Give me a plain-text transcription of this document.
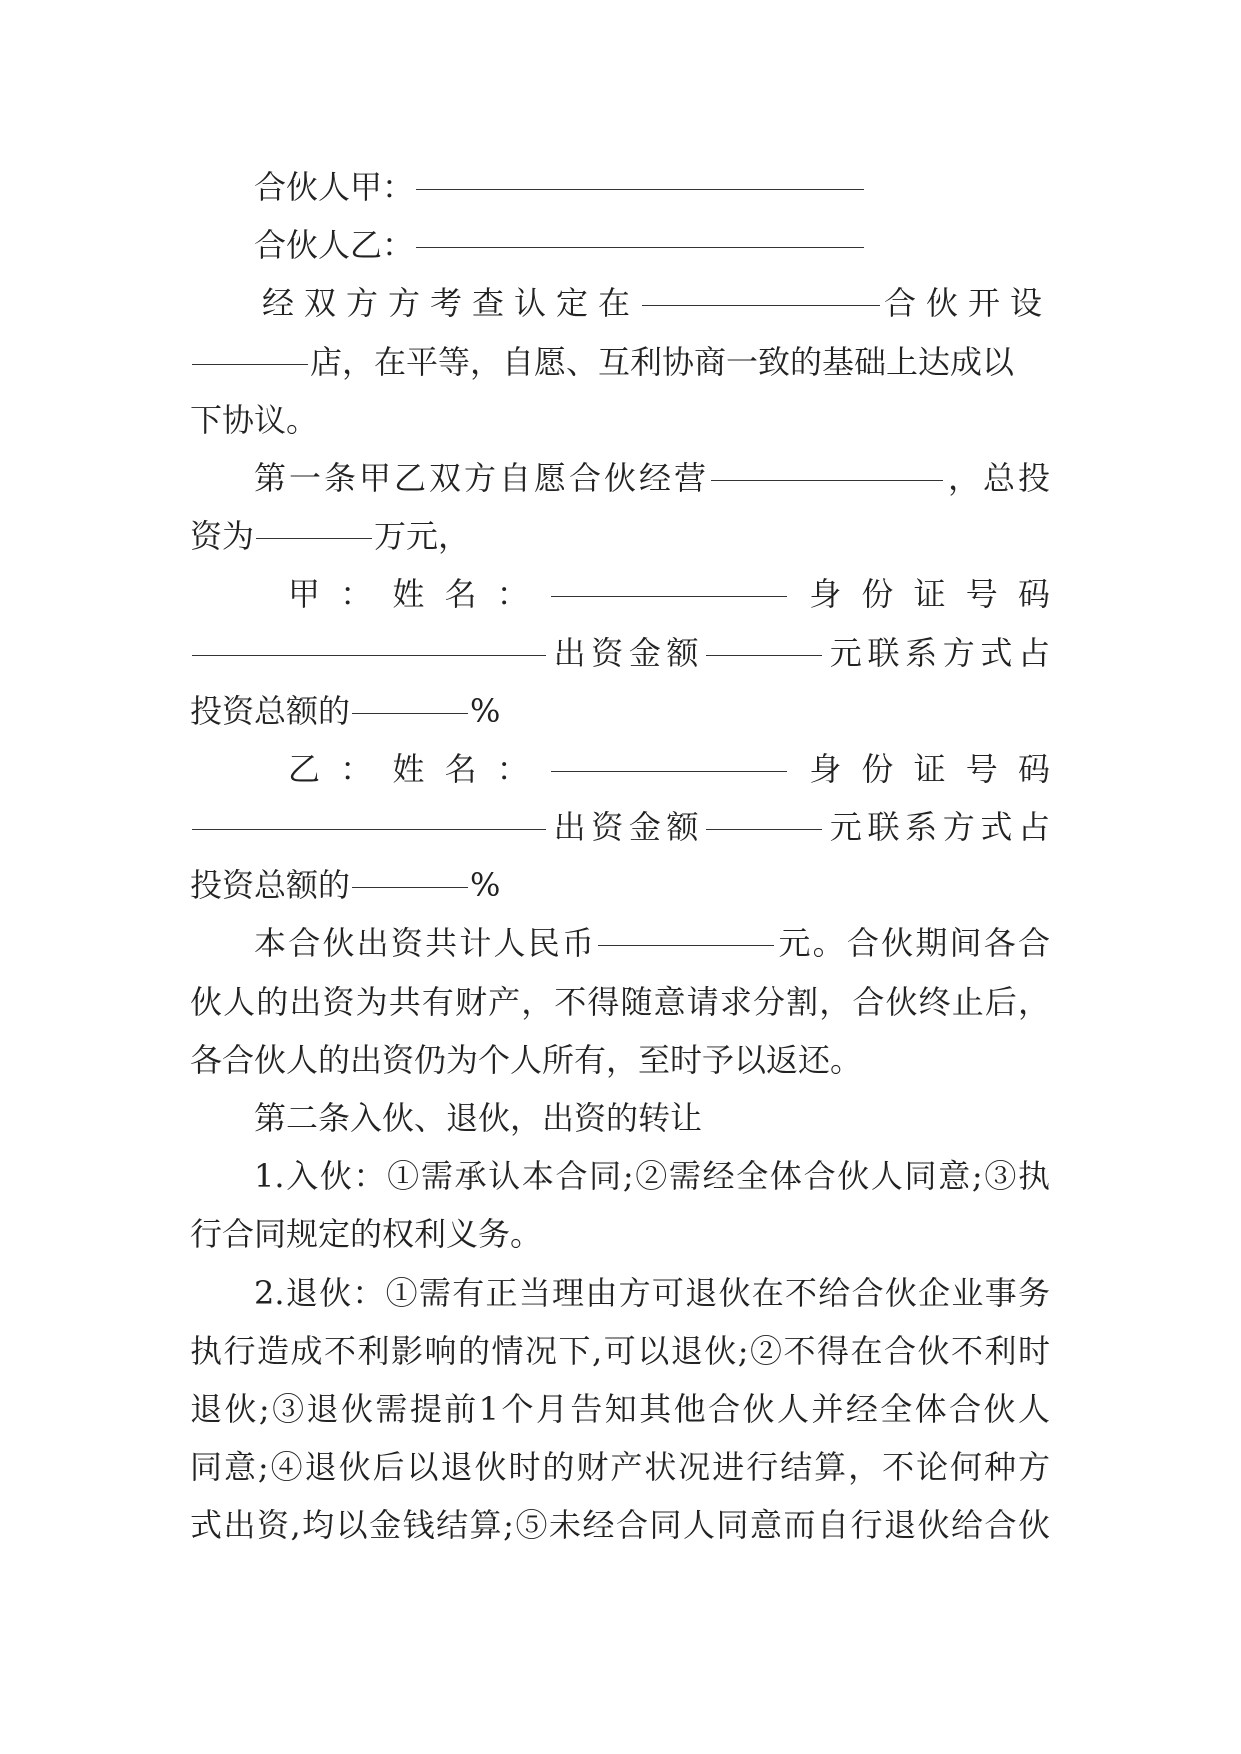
合伙人甲：
合伙人乙：
经双方方考查认定在	合伙开设
店，在平等，自愿、互利协商一致的基础上达成以
下协议。
第一条甲乙双方自愿合伙经营	，总投
资为	万元，
甲：姓名：	身份证号码
出资金额	元联系方式占
投资总额的	%
乙：姓名：	身份证号码
出资金额	元联系方式占
投资总额的	%
本合伙出资共计人民币	元。合伙期间各合
伙人的出资为共有财产，不得随意请求分割，合伙终止后，
各合伙人的出资仍为个人所有，至时予以返还。
第二条入伙、退伙，出资的转让
1.入伙：①需承认本合同;②需经全体合伙人同意;③执
行合同规定的权利义务。
2.退伙：①需有正当理由方可退伙在不给合伙企业事务
执行造成不利影响的情况下,可以退伙;②不得在合伙不利时
退伙;③退伙需提前1个月告知其他合伙人并经全体合伙人
同意;④退伙后以退伙时的财产状况进行结算，不论何种方
式出资,均以金钱结算;⑤未经合同人同意而自行退伙给合伙
